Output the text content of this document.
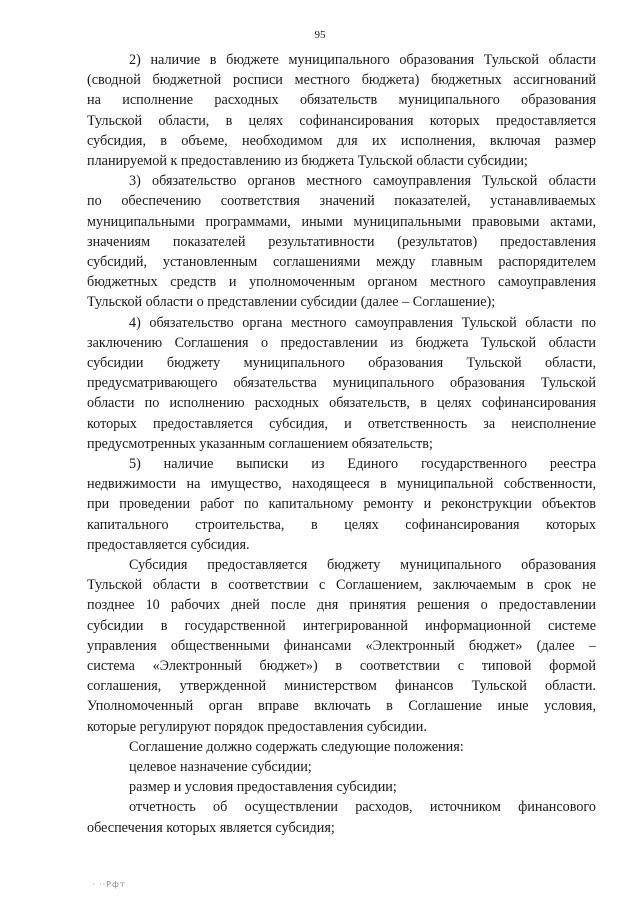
95
2) наличие в бюджете муниципального образования Тульской области
(сводной бюджетной росписи местного бюджета) бюджетных ассигнований
на исполнение расходных обязательств муниципального образования
Тульской области, в целях софинансирования которых предоставляется
субсидия, в объеме, необходимом для их исполнения, включая размер
планируемой к предоставлению из бюджета Тульской области субсидии;
3) обязательство органов местного самоуправления Тульской области
по обеспечению соответствия значений показателей, устанавливаемых
муниципальными программами, иными муниципальными правовыми актами,
значениям показателей результативности (результатов) предоставления
субсидий, установленным соглашениями между главным распорядителем
бюджетных средств и уполномоченным органом местного самоуправления
Тульской области о представлении субсидии (далее – Соглашение);
4) обязательство органа местного самоуправления Тульской области по
заключению Соглашения о предоставлении из бюджета Тульской области
субсидии бюджету муниципального образования Тульской области,
предусматривающего обязательства муниципального образования Тульской
области по исполнению расходных обязательств, в целях софинансирования
которых предоставляется субсидия, и ответственность за неисполнение
предусмотренных указанным соглашением обязательств;
5) наличие выписки из Единого государственного реестра
недвижимости на имущество, находящееся в муниципальной собственности,
при проведении работ по капитальному ремонту и реконструкции объектов
капитального строительства, в целях софинансирования которых
предоставляется субсидия.
Субсидия предоставляется бюджету муниципального образования
Тульской области в соответствии с Соглашением, заключаемым в срок не
позднее 10 рабочих дней после дня принятия решения о предоставлении
субсидии в государственной интегрированной информационной системе
управления общественными финансами «Электронный бюджет» (далее –
система «Электронный бюджет») в соответствии с типовой формой
соглашения, утвержденной министерством финансов Тульской области.
Уполномоченный орган вправе включать в Соглашение иные условия,
которые регулируют порядок предоставления субсидии.
Соглашение должно содержать следующие положения:
целевое назначение субсидии;
размер и условия предоставления субсидии;
отчетность об осуществлении расходов, источником финансового
обеспечения которых является субсидия;
· ··Рфт
